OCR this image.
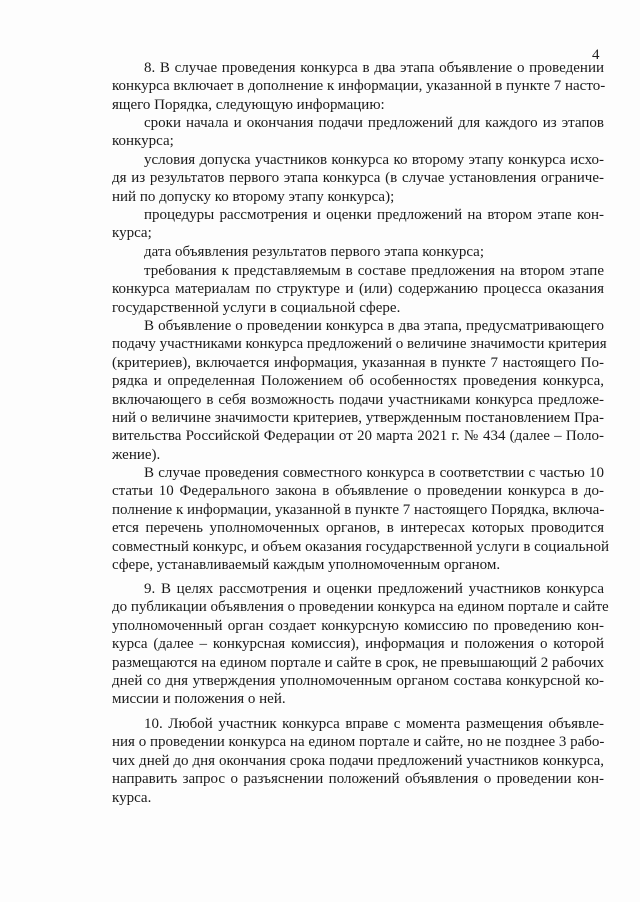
4
8. В случае проведения конкурса в два этапа объявление о проведении
конкурса включает в дополнение к информации, указанной в пункте 7 насто-
ящего Порядка, следующую информацию:
сроки начала и окончания подачи предложений для каждого из этапов
конкурса;
условия допуска участников конкурса ко второму этапу конкурса исхо-
дя из результатов первого этапа конкурса (в случае установления ограниче-
ний по допуску ко второму этапу конкурса);
процедуры рассмотрения и оценки предложений на втором этапе кон-
курса;
дата объявления результатов первого этапа конкурса;
требования к представляемым в составе предложения на втором этапе
конкурса материалам по структуре и (или) содержанию процесса оказания
государственной услуги в социальной сфере.
В объявление о проведении конкурса в два этапа, предусматривающего
подачу участниками конкурса предложений о величине значимости критерия
(критериев), включается информация, указанная в пункте 7 настоящего По-
рядка и определенная Положением об особенностях проведения конкурса,
включающего в себя возможность подачи участниками конкурса предложе-
ний о величине значимости критериев, утвержденным постановлением Пра-
вительства Российской Федерации от 20 марта 2021 г. № 434 (далее – Поло-
жение).
В случае проведения совместного конкурса в соответствии с частью 10
статьи 10 Федерального закона в объявление о проведении конкурса в до-
полнение к информации, указанной в пункте 7 настоящего Порядка, включа-
ется перечень уполномоченных органов, в интересах которых проводится
совместный конкурс, и объем оказания государственной услуги в социальной
сфере, устанавливаемый каждым уполномоченным органом.
9. В целях рассмотрения и оценки предложений участников конкурса
до публикации объявления о проведении конкурса на едином портале и сайте
уполномоченный орган создает конкурсную комиссию по проведению кон-
курса (далее – конкурсная комиссия), информация и положения о которой
размещаются на едином портале и сайте в срок, не превышающий 2 рабочих
дней со дня утверждения уполномоченным органом состава конкурсной ко-
миссии и положения о ней.
10. Любой участник конкурса вправе с момента размещения объявле-
ния о проведении конкурса на едином портале и сайте, но не позднее 3 рабо-
чих дней до дня окончания срока подачи предложений участников конкурса,
направить запрос о разъяснении положений объявления о проведении кон-
курса.
